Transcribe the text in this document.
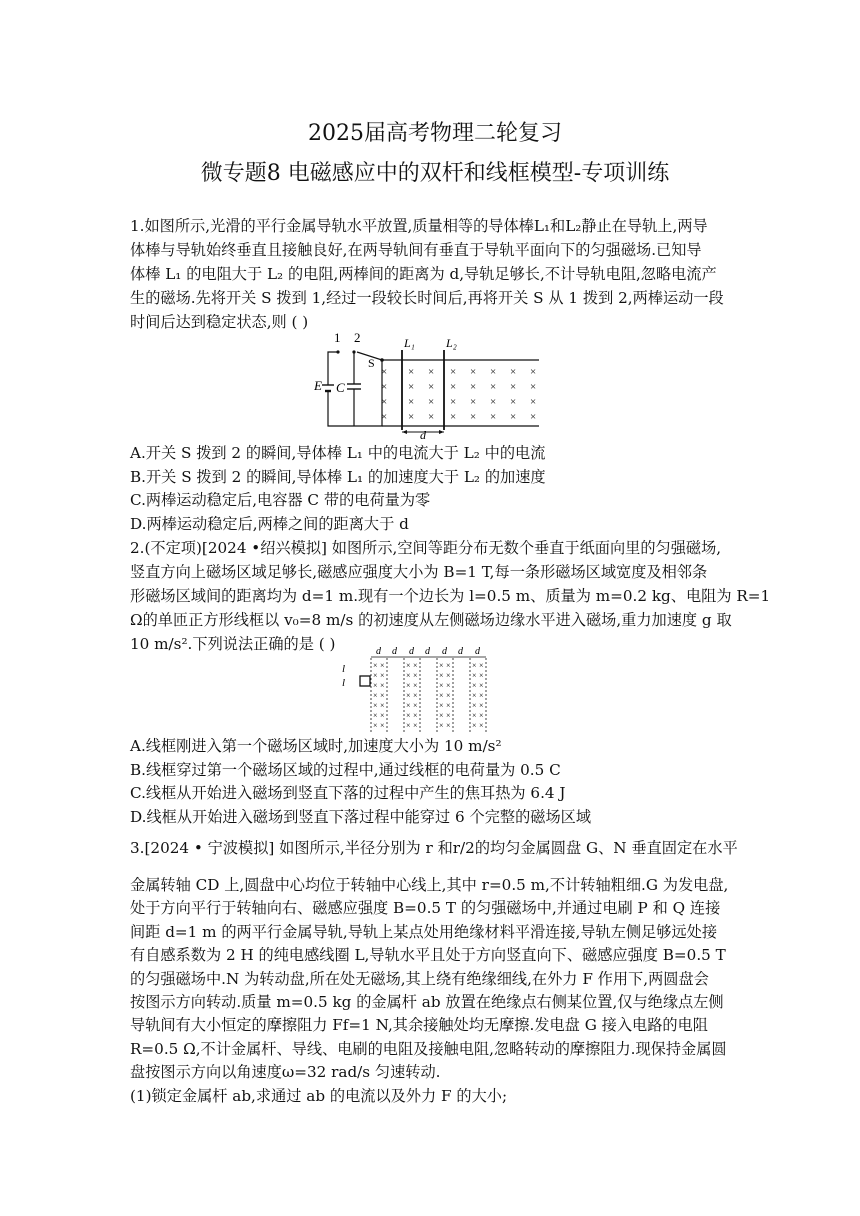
2025届高考物理二轮复习
微专题8 电磁感应中的双杆和线框模型-专项训练
1.如图所示,光滑的平行金属导轨水平放置,质量相等的导体棒L₁和L₂静止在导轨上,两导
体棒与导轨始终垂直且接触良好,在两导轨间有垂直于导轨平面向下的匀强磁场.已知导
体棒 L₁ 的电阻大于 L₂ 的电阻,两棒间的距离为 d,导轨足够长,不计导轨电阻,忽略电流产
生的磁场.先将开关 S 拨到 1,经过一段较长时间后,再将开关 S 从 1 拨到 2,两棒运动一段
时间后达到稳定状态,则 ( )
1 2
S
E C
L₁	L₂
× × × × × × × ×
× × × × × × × ×
× × × × × × × ×
× × × × × × × ×
d
A.开关 S 拨到 2 的瞬间,导体棒 L₁ 中的电流大于 L₂ 中的电流
B.开关 S 拨到 2 的瞬间,导体棒 L₁ 的加速度大于 L₂ 的加速度
C.两棒运动稳定后,电容器 C 带的电荷量为零
D.两棒运动稳定后,两棒之间的距离大于 d
2.(不定项)[2024 •绍兴模拟] 如图所示,空间等距分布无数个垂直于纸面向里的匀强磁场,
竖直方向上磁场区域足够长,磁感应强度大小为 B=1 T,每一条形磁场区域宽度及相邻条
形磁场区域间的距离均为 d=1 m.现有一个边长为 l=0.5 m、质量为 m=0.2 kg、电阻为 R=1
Ω的单匝正方形线框以 v₀=8 m/s 的初速度从左侧磁场边缘水平进入磁场,重力加速度 g 取
10 m/s².下列说法正确的是 ( )
× ×
× ×
× ×
× ×
× ×
× ×
× ×
d d
× ×
× ×
× ×
× ×
× ×
× ×
× ×
d d
× ×
× ×
× ×
× ×
× ×
× ×
× ×
d d
× ×
× ×
× ×
× ×
× ×
× ×
× ×
d
l
l
A.线框刚进入第一个磁场区域时,加速度大小为 10 m/s²
B.线框穿过第一个磁场区域的过程中,通过线框的电荷量为 0.5 C
C.线框从开始进入磁场到竖直下落的过程中产生的焦耳热为 6.4 J
D.线框从开始进入磁场到竖直下落过程中能穿过 6 个完整的磁场区域
3.[2024 • 宁波模拟] 如图所示,半径分别为 r 和r/2的均匀金属圆盘 G、N 垂直固定在水平
金属转轴 CD 上,圆盘中心均位于转轴中心线上,其中 r=0.5 m,不计转轴粗细.G 为发电盘,
处于方向平行于转轴向右、磁感应强度 B=0.5 T 的匀强磁场中,并通过电刷 P 和 Q 连接
间距 d=1 m 的两平行金属导轨,导轨上某点处用绝缘材料平滑连接,导轨左侧足够远处接
有自感系数为 2 H 的纯电感线圈 L,导轨水平且处于方向竖直向下、磁感应强度 B=0.5 T
的匀强磁场中.N 为转动盘,所在处无磁场,其上绕有绝缘细线,在外力 F 作用下,两圆盘会
按图示方向转动.质量 m=0.5 kg 的金属杆 ab 放置在绝缘点右侧某位置,仅与绝缘点左侧
导轨间有大小恒定的摩擦阻力 Ff=1 N,其余接触处均无摩擦.发电盘 G 接入电路的电阻
R=0.5 Ω,不计金属杆、导线、电刷的电阻及接触电阻,忽略转动的摩擦阻力.现保持金属圆
盘按图示方向以角速度ω=32 rad/s 匀速转动.
(1)锁定金属杆 ab,求通过 ab 的电流以及外力 F 的大小;
